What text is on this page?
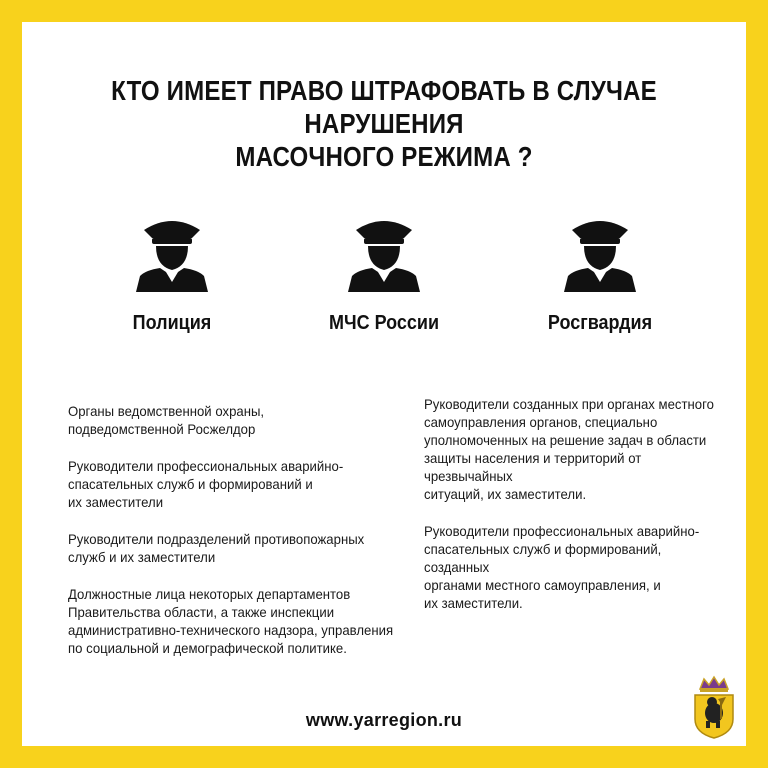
КТО ИМЕЕТ ПРАВО ШТРАФОВАТЬ В СЛУЧАЕ НАРУШЕНИЯ
МАСОЧНОГО РЕЖИМА ?
Полиция	МЧС России	Росгвардия

Органы ведомственной охраны,
подведомственной Росжелдор

Руководители профессиональных аварийно-
спасательных служб и формирований и
их заместители

Руководители подразделений противопожарных
служб и их заместители

Должностные лица некоторых департаментов
Правительства области, а также инспекции
административно-технического надзора, управления
по социальной и демографической политике.

Руководители созданных при органах местного
самоуправления органов, специально
уполномоченных на решение задач в области
защиты населения и территорий от чрезвычайных
ситуаций, их заместители.

Руководители профессиональных аварийно-
спасательных служб и формирований, созданных
органами местного самоуправления, и
их заместители.

www.yarregion.ru
